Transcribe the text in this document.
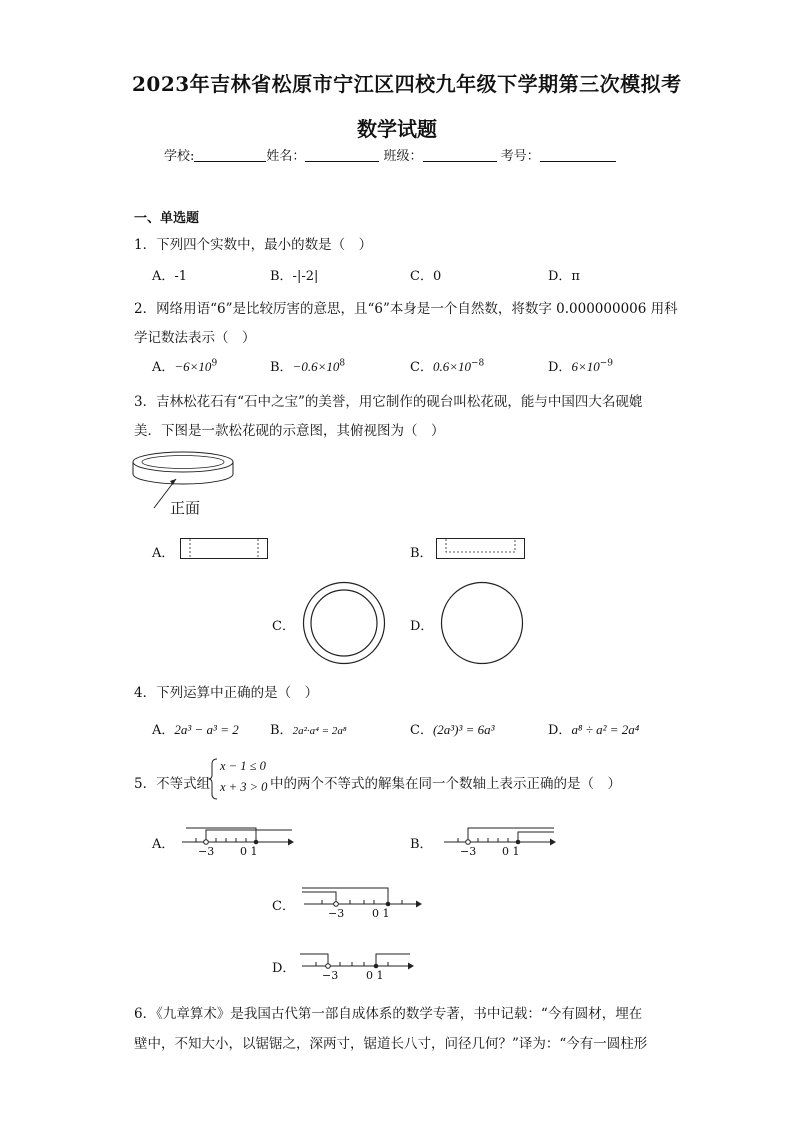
2023年吉林省松原市宁江区四校九年级下学期第三次模拟考
数学试题
学校:	姓名：	班级：	考号：
一、单选题
1．下列四个实数中，最小的数是（　）
A．-1	B．-|-2|	C．0	D．π
2．网络用语“6”是比较厉害的意思，且“6”本身是一个自然数，将数字 0.000000006 用科
学记数法表示（　）
A．$-6\times 10^9$	B．$-0.6\times 10^8$	C．$0.6\times 10^{-8}$	D．$6\times 10^{-9}$
3．吉林松花石有“石中之宝”的美誉，用它制作的砚台叫松花砚，能与中国四大名砚媲
美．下图是一款松花砚的示意图，其俯视图为（　）
正面
A．	B．
C．	D．
4．下列运算中正确的是（　）
A．2a³ − a³ = 2 B．2a²·a⁴ = 2a⁸	C．(2a³)³ = 6a³	D．a⁸ ÷ a² = 2a⁴
5．不等式组
x − 1 ≤ 0
x + 3 > 0 中的两个不等式的解集在同一个数轴上表示正确的是（　）
A． −3 0 1	B． −3 0 1
C．	−3	0 1
D． −3	0 1
6．《九章算术》是我国古代第一部自成体系的数学专著，书中记载：“今有圆材，埋在
壁中，不知大小，以锯锯之，深两寸，锯道长八寸，问径几何？”译为：“今有一圆柱形
